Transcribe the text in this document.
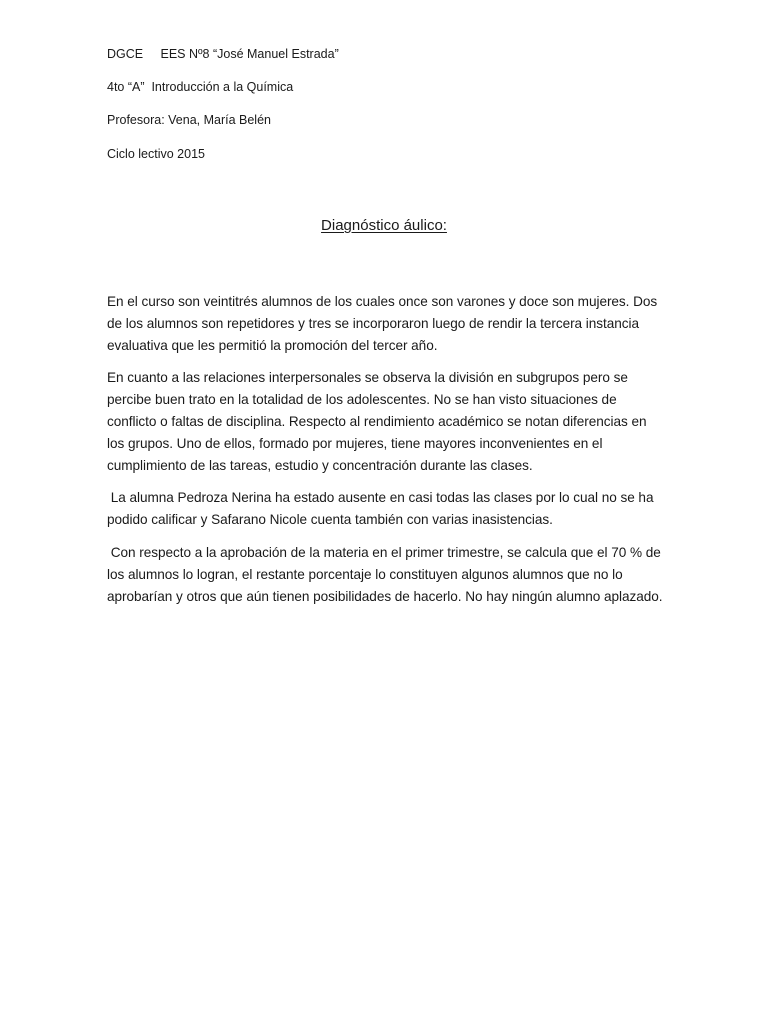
DGCE     EES Nº8 “José Manuel Estrada”
4to “A”  Introducción a la Química
Profesora: Vena, María Belén
Ciclo lectivo 2015
Diagnóstico áulico:

En el curso son veintitrés alumnos de los cuales once son varones y doce son mujeres. Dos de los alumnos son repetidores y tres se incorporaron luego de rendir la tercera instancia evaluativa que les permitió la promoción del tercer año.

En cuanto a las relaciones interpersonales se observa la división en subgrupos pero se percibe buen trato en la totalidad de los adolescentes. No se han visto situaciones de conflicto o faltas de disciplina. Respecto al rendimiento académico se notan diferencias en los grupos. Uno de ellos, formado por mujeres, tiene mayores inconvenientes en el cumplimiento de las tareas, estudio y concentración durante las clases.

La alumna Pedroza Nerina ha estado ausente en casi todas las clases por lo cual no se ha podido calificar y Safarano Nicole cuenta también con varias inasistencias.

Con respecto a la aprobación de la materia en el primer trimestre, se calcula que el 70 % de los alumnos lo logran, el restante porcentaje lo constituyen algunos alumnos que no lo aprobarían y otros que aún tienen posibilidades de hacerlo. No hay ningún alumno aplazado.
